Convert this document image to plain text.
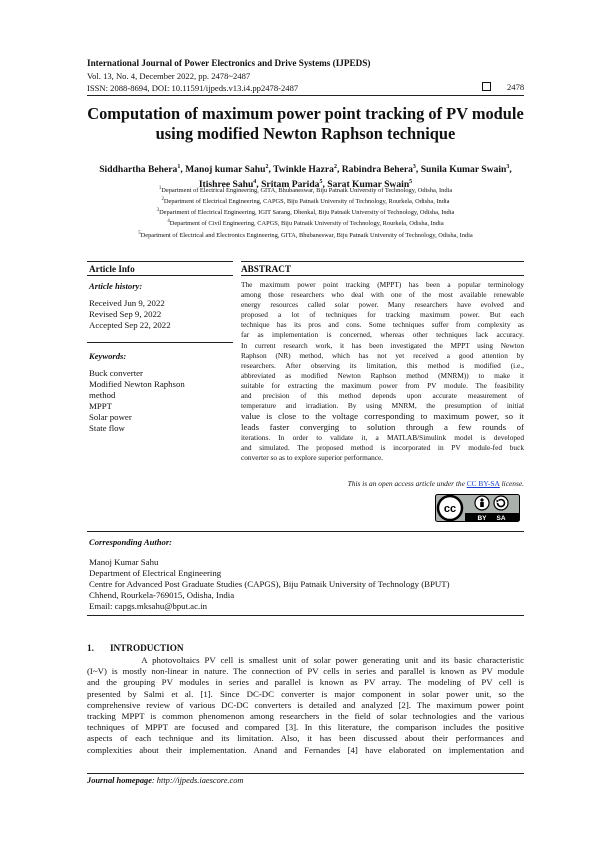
International Journal of Power Electronics and Drive Systems (IJPEDS)
Vol. 13, No. 4, December 2022, pp. 2478~2487
ISSN: 2088-8694, DOI: 10.11591/ijpeds.v13.i4.pp2478-2487	2478
Computation of maximum power point tracking of PV module
using modified Newton Raphson technique
Siddhartha Behera$^1$, Manoj kumar Sahu$^2$, Twinkle Hazra$^2$, Rabindra Behera$^3$, Sunila Kumar Swain$^3$,
Itishree Sahu$^4$, Sritam Parida$^5$, Sarat Kumar Swain$^5$
$^1$Department of Electrical Engineering, GITA, Bhubaneswar, Biju Patnaik University of Technology, Odisha, India
$^2$Department of Electrical Engineering, CAPGS, Biju Patnaik University of Technology, Rourkela, Odisha, India
$^3$Department of Electrical Engineering, IGIT Sarang, Dhenkal, Biju Patnaik University of Technology, Odisha, India
$^4$Department of Civil Engineering, CAPGS, Biju Patnaik University of Technology, Rourkela, Odisha, India
$^5$Department of Electrical and Electronics Engineering, GITA, Bhubaneswar, Biju Patnaik University of Technology, Odisha, India
Article Info
Article history:
Received Jun 9, 2022
Revised Sep 9, 2022
Accepted Sep 22, 2022
Keywords:
Buck converter
Modified Newton Raphson
method
MPPT
Solar power
State flow
ABSTRACT
The maximum power point tracking (MPPT) has been a popular terminology
among those researchers who deal with one of the most available renewable
energy resources called solar power. Many researchers have evolved and
proposed a lot of techniques for tracking maximum power. But each
technique has its pros and cons. Some techniques suffer from complexity as
far as implementation is concerned, whereas other techniques lack accuracy.
In current research work, it has been investigated the MPPT using Newton
Raphson (NR) method, which has not yet received a good attention by
researchers. After observing its limitation, this method is modified (i.e.,
abbreviated as modified Newton Raphson method (MNRM)) to make it
suitable for extracting the maximum power from PV module. The feasibility
and precision of this method depends upon accurate measurement of
temperature and irradiation. By using MNRM, the presumption of initial
value is close to the voltage corresponding to maximum power, so it
leads faster converging to solution through a few rounds of
iterations. In order to validate it, a MATLAB/Simulink model is developed
and simulated. The proposed method is incorporated in PV module-fed buck
converter so as to explore superior performance.
This is an open access article under the CC BY-SA license.
cc
BY SA
Corresponding Author:
Manoj Kumar Sahu
Department of Electrical Engineering
Centre for Advanced Post Graduate Studies (CAPGS), Biju Patnaik University of Technology (BPUT)
Chhend, Rourkela-769015, Odisha, India
Email: capgs.mksahu@bput.ac.in
1.       INTRODUCTION
A photovoltaics PV cell is smallest unit of solar power generating unit and its basic characteristic
(I~V) is mostly non-linear in nature. The connection of PV cells in series and parallel is known as PV module
and the grouping PV modules in series and parallel is known as PV array. The modeling of PV cell is
presented by Salmi et al. [1]. Since DC-DC converter is major component in solar power unit, so the
comprehensive review of various DC-DC converters is detailed and analyzed [2]. The maximum power point
tracking MPPT is common phenomenon among researchers in the field of solar technologies and the various
techniques of MPPT are focused and compared [3]. In this literature, the comparison includes the positive
aspects of each technique and its limitation. Also, it has been discussed about their performances and
complexities about their implementation. Anand and Fernandes [4] have elaborated on implementation and
Journal homepage: http://ijpeds.iaescore.com
